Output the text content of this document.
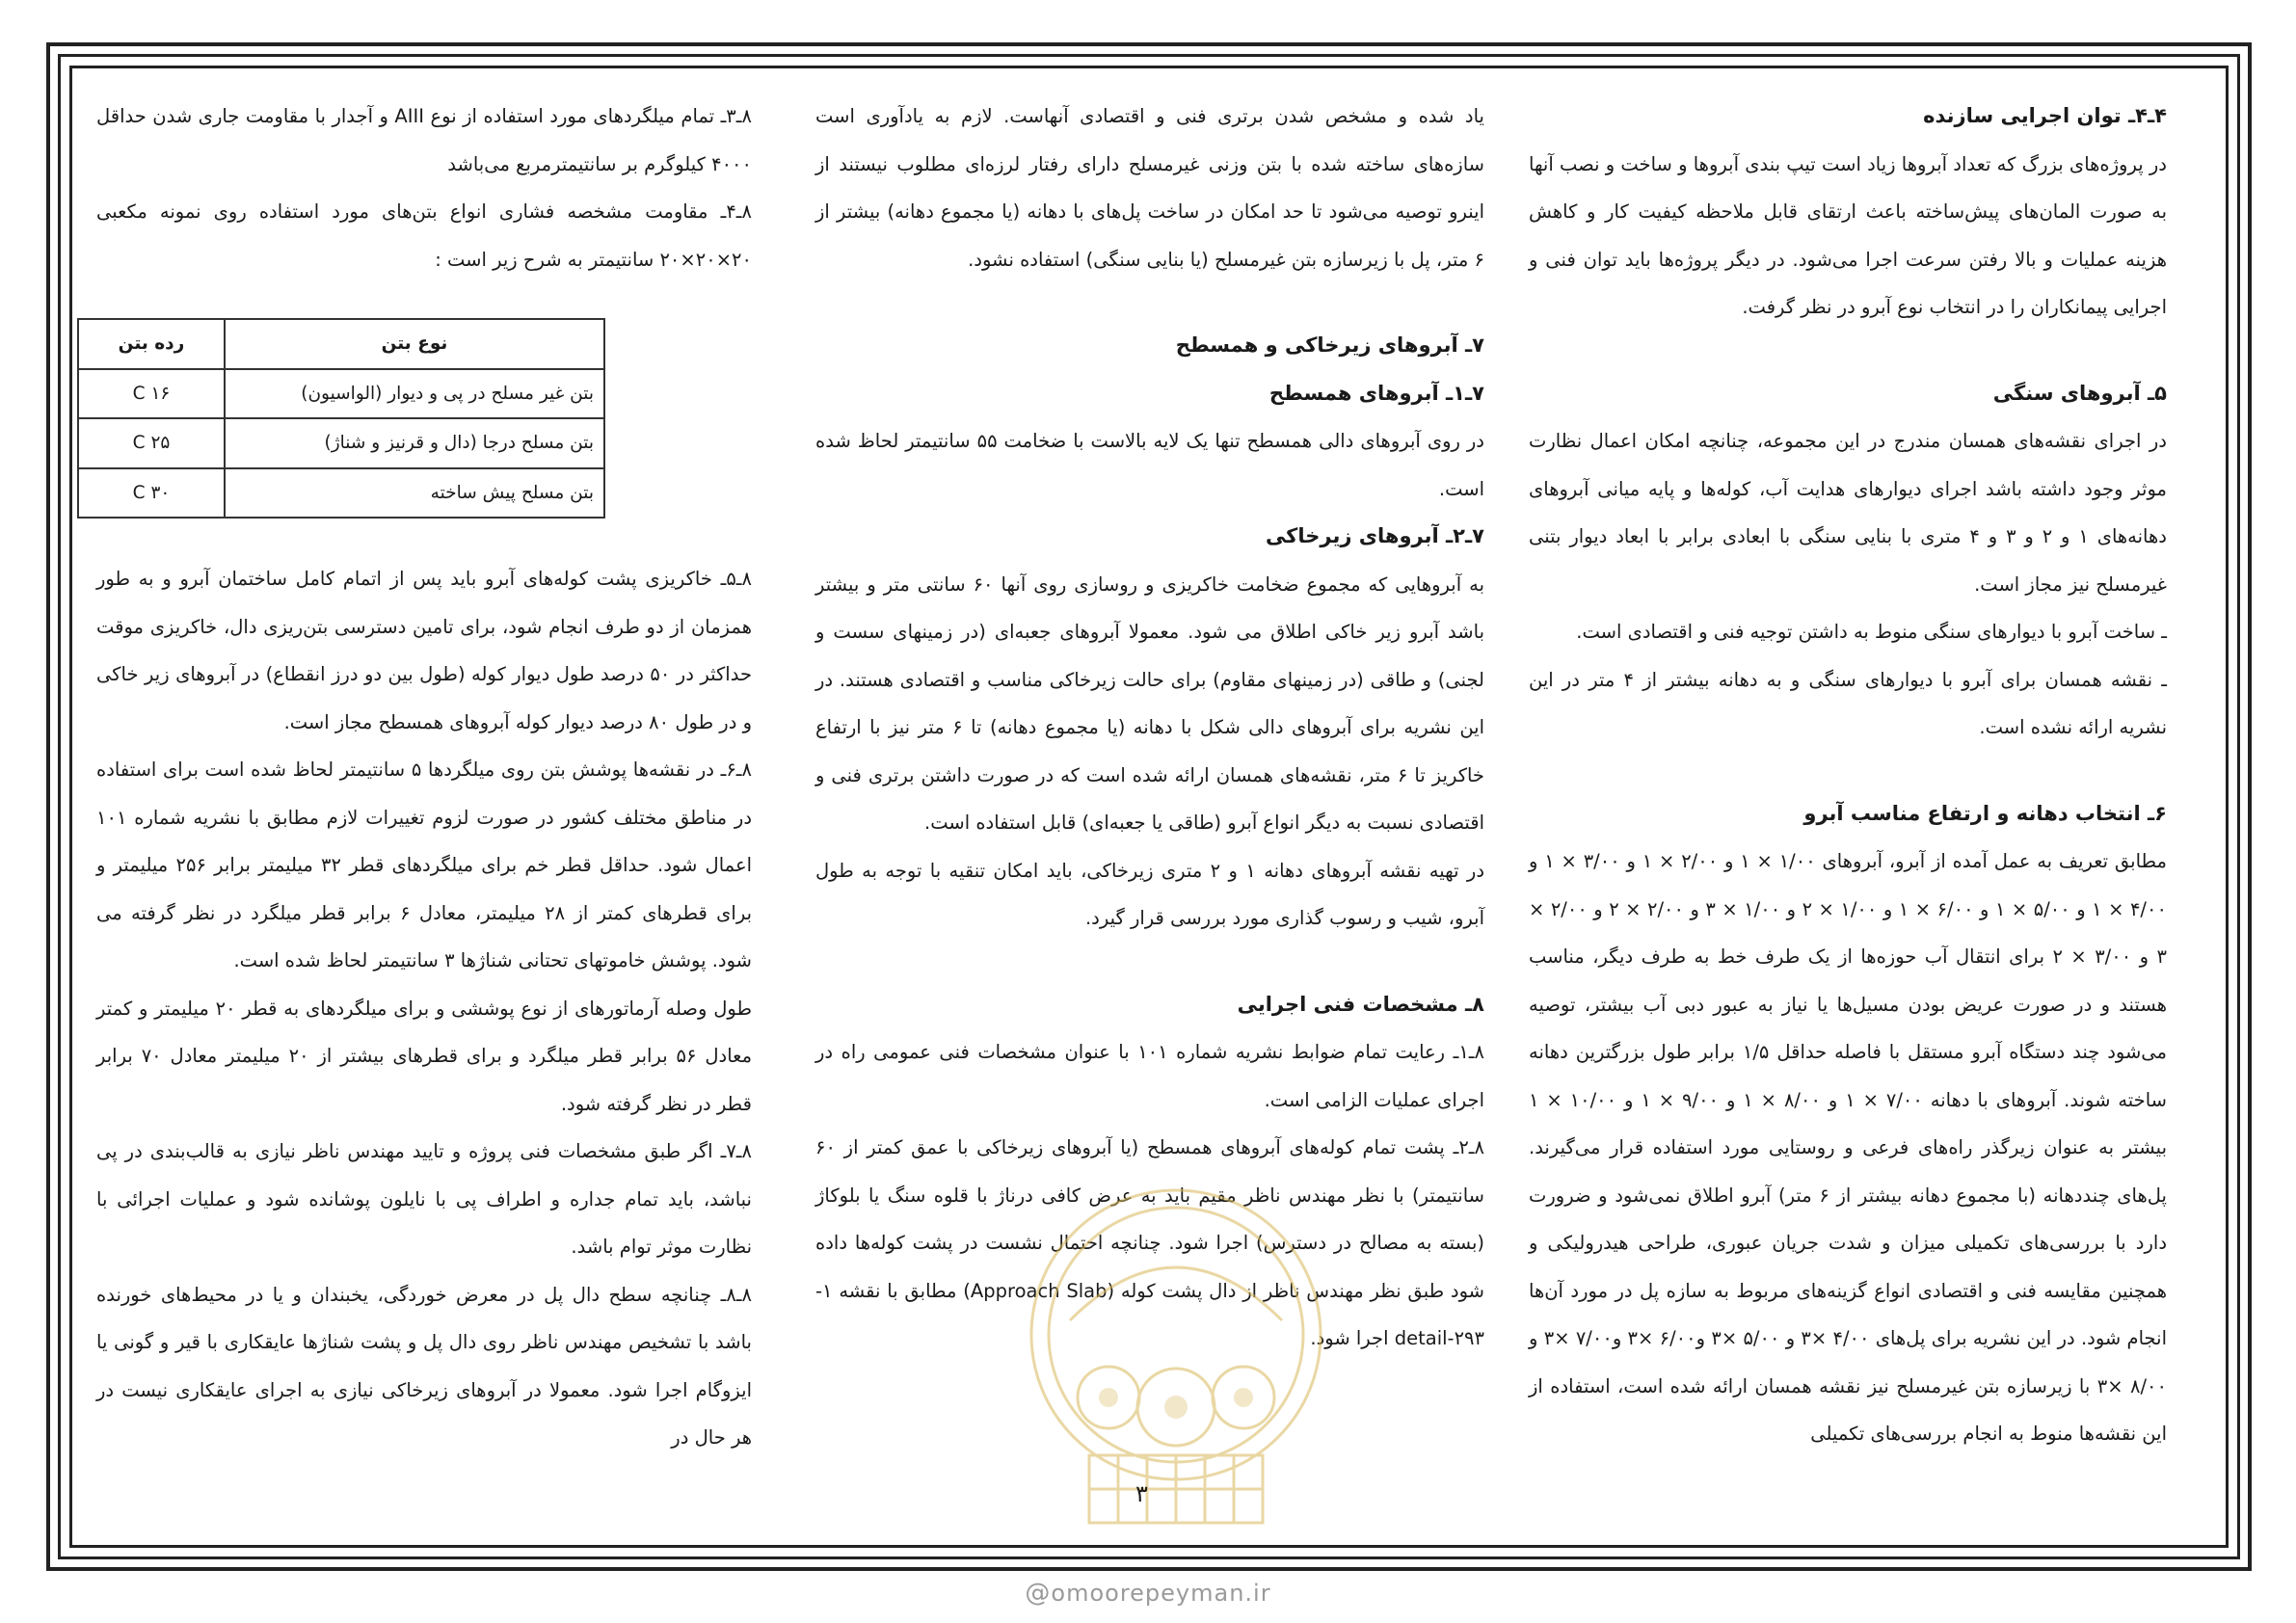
۴ـ۴ـ توان اجرایی سازنده

در پروژه‌های بزرگ که تعداد آبروها زیاد است تیپ بندی آبروها و ساخت و نصب آنها به صورت المان‌های پیش‌ساخته باعث ارتقای قابل ملاحظه کیفیت کار و کاهش هزینه عملیات و بالا رفتن سرعت اجرا می‌شود. در دیگر پروژه‌ها باید توان فنی و اجرایی پیمانکاران را در انتخاب نوع آبرو در نظر گرفت.

۵ـ آبروهای سنگی

در اجرای نقشه‌های همسان مندرج در این مجموعه، چنانچه امکان اعمال نظارت موثر وجود داشته باشد اجرای دیوارهای هدایت آب، کوله‌ها و پایه میانی آبروهای دهانه‌های ۱ و ۲ و ۳ و ۴ متری با بنایی سنگی با ابعادی برابر با ابعاد دیوار بتنی غیرمسلح نیز مجاز است.

ـ ساخت آبرو با دیوارهای سنگی منوط به داشتن توجیه فنی و اقتصادی است.

ـ نقشه همسان برای آبرو با دیوارهای سنگی و به دهانه بیشتر از ۴ متر در این نشریه ارائه نشده است.

۶ـ انتخاب دهانه و ارتفاع مناسب آبرو

مطابق تعریف به عمل آمده از آبرو، آبروهای ۱/۰۰ × ۱ و ۲/۰۰ × ۱ و ۳/۰۰ × ۱ و ۴/۰۰ × ۱ و ۵/۰۰ × ۱ و ۶/۰۰ × ۱ و ۱/۰۰ × ۲ و ۱/۰۰ × ۳ و ۲/۰۰ × ۲ و ۲/۰۰ × ۳ و ۳/۰۰ × ۲ برای انتقال آب حوزه‌ها از یک طرف خط به طرف دیگر، مناسب هستند و در صورت عریض بودن مسیل‌ها یا نیاز به عبور دبی آب بیشتر، توصیه می‌شود چند دستگاه آبرو مستقل با فاصله حداقل ۱/۵ برابر طول بزرگترین دهانه ساخته شوند. آبروهای با دهانه ۷/۰۰ × ۱ و ۸/۰۰ × ۱ و ۹/۰۰ × ۱ و ۱۰/۰۰ × ۱ بیشتر به عنوان زیرگذر راه‌های فرعی و روستایی مورد استفاده قرار می‌گیرند. پل‌های چنددهانه (با مجموع دهانه بیشتر از ۶ متر) آبرو اطلاق نمی‌شود و ضرورت دارد با بررسی‌های تکمیلی میزان و شدت جریان عبوری، طراحی هیدرولیکی و همچنین مقایسه فنی و اقتصادی انواع گزینه‌های مربوط به سازه پل در مورد آن‌ها انجام شود. در این نشریه برای پل‌های ۴/۰۰ ×۳ و ۵/۰۰ ×۳ و۶/۰۰ ×۳ و۷/۰۰ ×۳ و ۸/۰۰ ×۳ با زیرسازه بتن غیرمسلح نیز نقشه همسان ارائه شده است، استفاده از این نقشه‌ها منوط به انجام بررسی‌های تکمیلی

یاد شده و مشخص شدن برتری فنی و اقتصادی آنهاست. لازم به یادآوری است سازه‌های ساخته شده با بتن وزنی غیرمسلح دارای رفتار لرزه‌ای مطلوب نیستند از اینرو توصیه می‌شود تا حد امکان در ساخت پل‌های با دهانه (یا مجموع دهانه) بیشتر از ۶ متر، پل با زیرسازه بتن غیرمسلح (یا بنایی سنگی) استفاده نشود.

۷ـ آبروهای زیرخاکی و همسطح
۷ـ۱ـ آبروهای همسطح

در روی آبروهای دالی همسطح تنها یک لایه بالاست با ضخامت ۵۵ سانتیمتر لحاظ شده است.

۷ـ۲ـ آبروهای زیرخاکی

به آبروهایی که مجموع ضخامت خاکریزی و روسازی روی آنها ۶۰ سانتی متر و بیشتر باشد آبرو زیر خاکی اطلاق می شود. معمولا آبروهای جعبه‌ای (در زمینهای سست و لجنی) و طاقی (در زمینهای مقاوم) برای حالت زیرخاکی مناسب و اقتصادی هستند. در این نشریه برای آبروهای دالی شکل با دهانه (یا مجموع دهانه) تا ۶ متر نیز با ارتفاع خاکریز تا ۶ متر، نقشه‌های همسان ارائه شده است که در صورت داشتن برتری فنی و اقتصادی نسبت به دیگر انواع آبرو (طاقی یا جعبه‌ای) قابل استفاده است.

در تهیه نقشه آبروهای دهانه ۱ و ۲ متری زیرخاکی، باید امکان تنقیه با توجه به طول آبرو، شیب و رسوب گذاری مورد بررسی قرار گیرد.

۸ـ مشخصات فنی اجرایی

۸ـ۱ـ رعایت تمام ضوابط نشریه شماره ۱۰۱ با عنوان مشخصات فنی عمومی راه در اجرای عملیات الزامی است.

۸ـ۲ـ پشت تمام کوله‌های آبروهای همسطح (یا آبروهای زیرخاکی با عمق کمتر از ۶۰ سانتیمتر) با نظر مهندس ناظر مقیم باید به عرض کافی درناژ با قلوه سنگ یا بلوکاژ (بسته به مصالح در دسترس) اجرا شود. چنانچه احتمال نشست در پشت کوله‌ها داده شود طبق نظر مهندس ناظر از دال پشت کوله (Approach Slab) مطابق با نقشه ۱-detail-۲۹۳ اجرا شود.

۸ـ۳ـ تمام میلگردهای مورد استفاده از نوع AIII و آجدار با مقاومت جاری شدن حداقل ۴۰۰۰ کیلوگرم بر سانتیمترمربع می‌باشد

۸ـ۴ـ مقاومت مشخصه فشاری انواع بتن‌های مورد استفاده روی نمونه مکعبی ۲۰×۲۰×۲۰ سانتیمتر به شرح زیر است :

نوع بتن	رده بتن
بتن غیر مسلح در پی و دیوار (الواسیون)	C ۱۶
بتن مسلح درجا (دال و قرنیز و شناژ)	C ۲۵
بتن مسلح پیش ساخته	C ۳۰

۸ـ۵ـ خاکریزی پشت کوله‌های آبرو باید پس از اتمام کامل ساختمان آبرو و به طور همزمان از دو طرف انجام شود، برای تامین دسترسی بتن‌ریزی دال، خاکریزی موقت حداکثر در ۵۰ درصد طول دیوار کوله (طول بین دو درز انقطاع) در آبروهای زیر خاکی و در طول ۸۰ درصد دیوار کوله آبروهای همسطح مجاز است.

۸ـ۶ـ در نقشه‌ها پوشش بتن روی میلگردها ۵ سانتیمتر لحاظ شده است برای استفاده در مناطق مختلف کشور در صورت لزوم تغییرات لازم مطابق با نشریه شماره ۱۰۱ اعمال شود. حداقل قطر خم برای میلگردهای قطر ۳۲ میلیمتر برابر ۲۵۶ میلیمتر و برای قطرهای کمتر از ۲۸ میلیمتر، معادل ۶ برابر قطر میلگرد در نظر گرفته می شود. پوشش خاموتهای تحتانی شناژها ۳ سانتیمتر لحاظ شده است.

طول وصله آرماتورهای از نوع پوششی و برای میلگردهای به قطر ۲۰ میلیمتر و کمتر معادل ۵۶ برابر قطر میلگرد و برای قطرهای بیشتر از ۲۰ میلیمتر معادل ۷۰ برابر قطر در نظر گرفته شود.

۸ـ۷ـ اگر طبق مشخصات فنی پروژه و تایید مهندس ناظر نیازی به قالب‌بندی در پی نباشد، باید تمام جداره و اطراف پی با نایلون پوشانده شود و عملیات اجرائی با نظارت موثر توام باشد.

۸ـ۸ـ چنانچه سطح دال پل در معرض خوردگی، یخبندان و یا در محیط‌های خورنده باشد با تشخیص مهندس ناظر روی دال پل و پشت شناژها عایقکاری با قیر و گونی یا ایزوگام اجرا شود. معمولا در آبروهای زیرخاکی نیازی به اجرای عایقکاری نیست در هر حال در

۳
@omoorepeyman.ir
